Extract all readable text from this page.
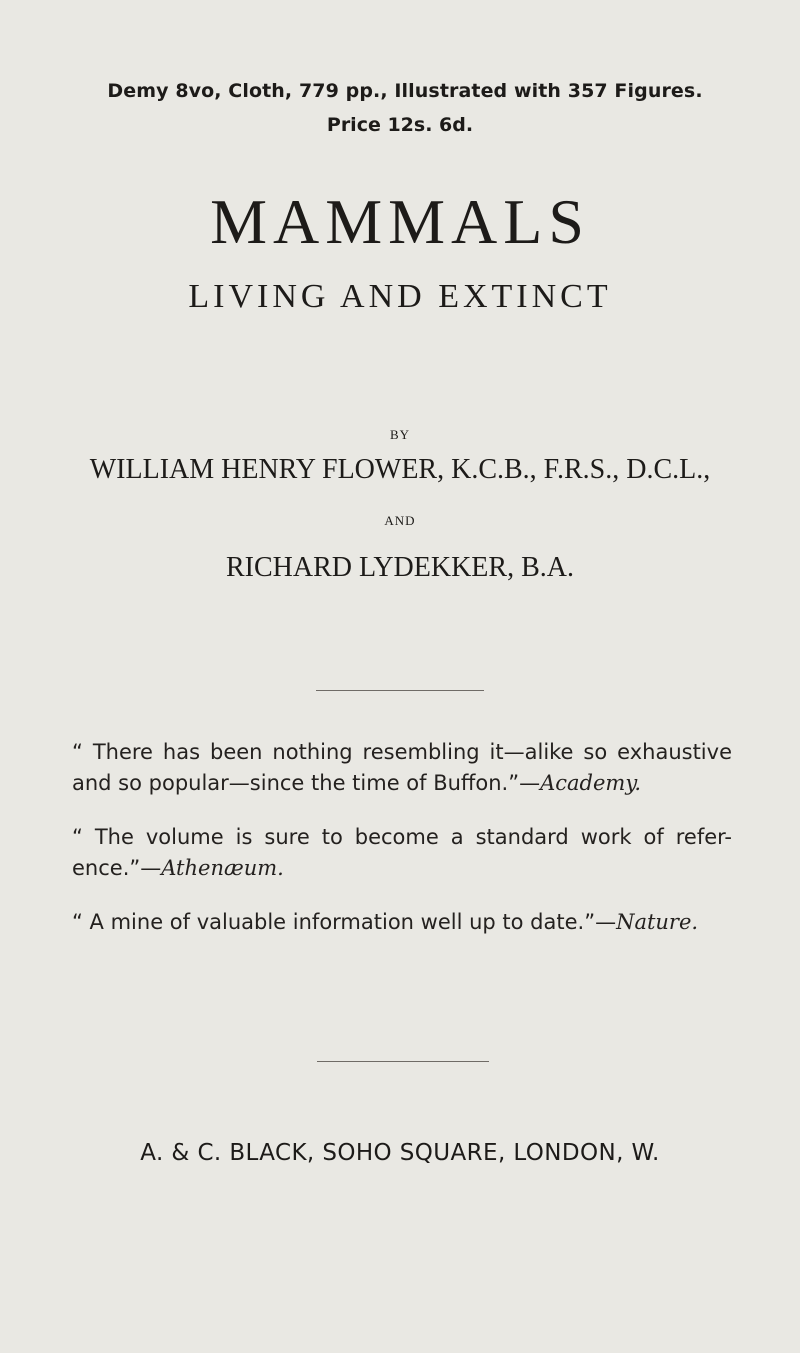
Demy 8vo, Cloth, 779 pp., Illustrated with 357 Figures.
Price 12s. 6d.
MAMMALS
LIVING AND EXTINCT
BY
WILLIAM HENRY FLOWER, K.C.B., F.R.S., D.C.L.,
AND
RICHARD LYDEKKER, B.A.
“ There has been nothing resembling it—alike so exhaustive
and so popular—since the time of Buffon.”—Academy.
“ The volume is sure to become a standard work of refer-
ence.”—Athenæum.
“ A mine of valuable information well up to date.”—Nature.
A. & C. BLACK, SOHO SQUARE, LONDON, W.
